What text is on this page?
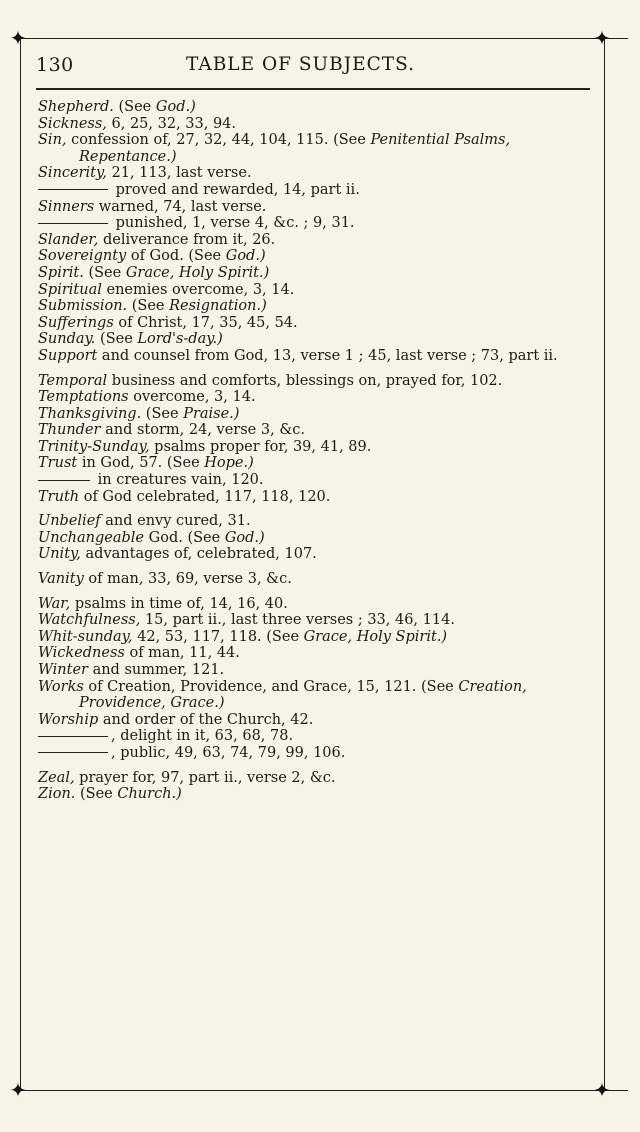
✦	✦
✦	✦
130	TABLE OF SUBJECTS.
Shepherd. (See God.)
Sickness, 6, 25, 32, 33, 94.
Sin, confession of, 27, 32, 44, 104, 115. (See Penitential Psalms,
Repentance.)
Sincerity, 21, 113, last verse.
proved and rewarded, 14, part ii.
Sinners warned, 74, last verse.
punished, 1, verse 4, &c. ; 9, 31.
Slander, deliverance from it, 26.
Sovereignty of God. (See God.)
Spirit. (See Grace, Holy Spirit.)
Spiritual enemies overcome, 3, 14.
Submission. (See Resignation.)
Sufferings of Christ, 17, 35, 45, 54.
Sunday. (See Lord's-day.)
Support and counsel from God, 13, verse 1 ; 45, last verse ; 73, part ii.
Temporal business and comforts, blessings on, prayed for, 102.
Temptations overcome, 3, 14.
Thanksgiving. (See Praise.)
Thunder and storm, 24, verse 3, &c.
Trinity-Sunday, psalms proper for, 39, 41, 89.
Trust in God, 57. (See Hope.)
in creatures vain, 120.
Truth of God celebrated, 117, 118, 120.
Unbelief and envy cured, 31.
Unchangeable God. (See God.)
Unity, advantages of, celebrated, 107.
Vanity of man, 33, 69, verse 3, &c.
War, psalms in time of, 14, 16, 40.
Watchfulness, 15, part ii., last three verses ; 33, 46, 114.
Whit-sunday, 42, 53, 117, 118. (See Grace, Holy Spirit.)
Wickedness of man, 11, 44.
Winter and summer, 121.
Works of Creation, Providence, and Grace, 15, 121. (See Creation,
Providence, Grace.)
Worship and order of the Church, 42.
, delight in it, 63, 68, 78.
, public, 49, 63, 74, 79, 99, 106.
Zeal, prayer for, 97, part ii., verse 2, &c.
Zion. (See Church.)
